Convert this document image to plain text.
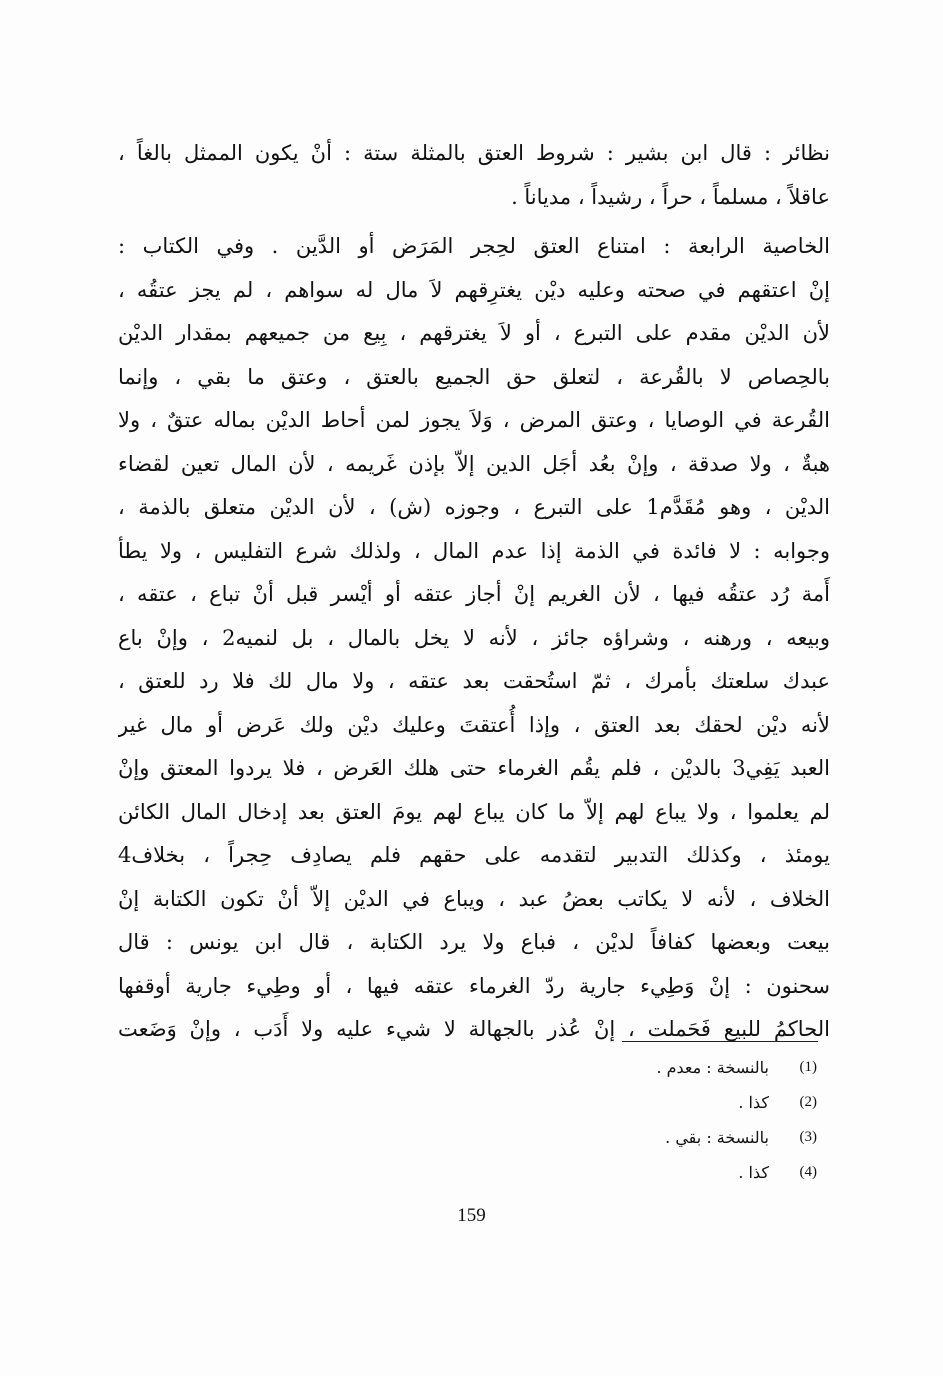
نظائر : قال ابن بشير : شروط العتق بالمثلة ستة : أنْ يكون الممثل بالغاً ،
عاقلاً ، مسلماً ، حراً ، رشيداً ، مدياناً .
الخاصية الرابعة : امتناع العتق لحِجر المَرَض أو الدَّين . وفي الكتاب :
إنْ اعتقهم في صحته وعليه ديْن يغترِقهم لاَ مال له سواهم ، لم يجز عتقُه ،
لأن الديْن مقدم على التبرع ، أو لاَ يغترقهم ، بِيع من جميعهم بمقدار الديْن
بالحِصاص لا بالقُرعة ، لتعلق حق الجميع بالعتق ، وعتق ما بقي ، وإنما
القُرعة في الوصايا ، وعتق المرض ، وَلاَ يجوز لمن أحاط الديْن بماله عتقٌ ، ولا
هبةٌ ، ولا صدقة ، وإنْ بعُد أجَل الدين إلاّ بإذن غَريمه ، لأن المال تعين لقضاء
الديْن ، وهو مُقَدَّم1 على التبرع ، وجوزه (ش) ، لأن الديْن متعلق بالذمة ،
وجوابه : لا فائدة في الذمة إذا عدم المال ، ولذلك شرع التفليس ، ولا يطأ
أَمة رُد عتقُه فيها ، لأن الغريم إنْ أجاز عتقه أو أيْسر قبل أنْ تباع ، عتقه ،
وبيعه ، ورهنه ، وشراؤه جائز ، لأنه لا يخل بالمال ، بل لنميه2 ، وإنْ باع
عبدك سلعتك بأمرك ، ثمّ استُحقت بعد عتقه ، ولا مال لك فلا رد للعتق ،
لأنه ديْن لحقك بعد العتق ، وإذا أُعتقتَ وعليك ديْن ولك عَرض أو مال غير
العبد يَفِي3 بالديْن ، فلم يقُم الغرماء حتى هلك العَرض ، فلا يردوا المعتق وإنْ
لم يعلموا ، ولا يباع لهم إلاّ ما كان يباع لهم يومَ العتق بعد إدخال المال الكائن
يومئذ ، وكذلك التدبير لتقدمه على حقهم فلم يصادِف حِجراً ، بخلاف4
الخلاف ، لأنه لا يكاتب بعضُ عبد ، ويباع في الديْن إلاّ أنْ تكون الكتابة إنْ
بيعت وبعضها كفافاً لديْن ، فباع ولا يرد الكتابة ، قال ابن يونس : قال
سحنون : إنْ وَطِيء جارية ردّ الغرماء عتقه فيها ، أو وطِيء جارية أوقفها
الحاكمُ للبيع فَحَملت ، إنْ عُذر بالجهالة لا شيء عليه ولا أَدَب ، وإنْ وَضَعت
(1)
بالنسخة : معدم .
(2)
كذا .
(3)
بالنسخة : بقي .
(4)
كذا .
159
